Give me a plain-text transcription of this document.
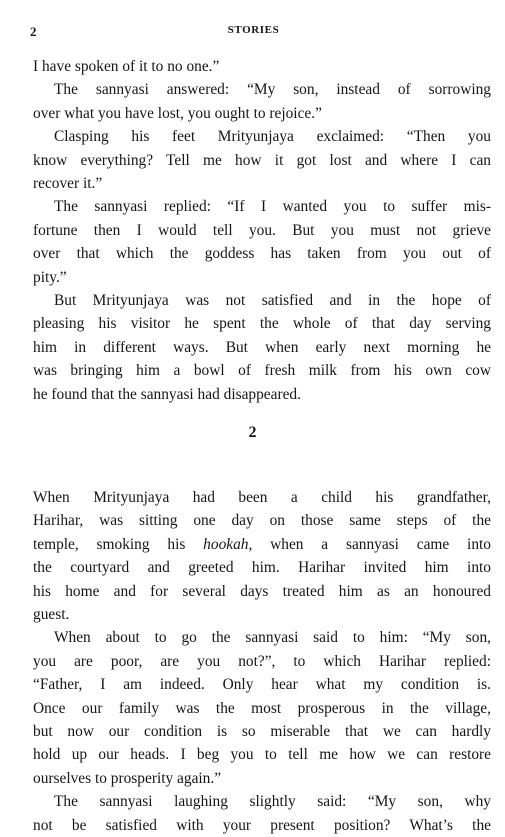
2	STORIES
I have spoken of it to no one.”
The sannyasi answered: “My son, instead of sorrowing
over what you have lost, you ought to rejoice.”
Clasping his feet Mrityunjaya exclaimed: “Then you
know everything? Tell me how it got lost and where I can
recover it.”
The sannyasi replied: “If I wanted you to suffer mis-
fortune then I would tell you. But you must not grieve
over that which the goddess has taken from you out of
pity.”
But Mrityunjaya was not satisfied and in the hope of
pleasing his visitor he spent the whole of that day serving
him in different ways. But when early next morning he
was bringing him a bowl of fresh milk from his own cow
he found that the sannyasi had disappeared.
2
When Mrityunjaya had been a child his grandfather,
Harihar, was sitting one day on those same steps of the
temple, smoking his hookah, when a sannyasi came into
the courtyard and greeted him. Harihar invited him into
his home and for several days treated him as an honoured
guest.
When about to go the sannyasi said to him: “My son,
you are poor, are you not?”, to which Harihar replied:
“Father, I am indeed. Only hear what my condition is.
Once our family was the most prosperous in the village,
but now our condition is so miserable that we can hardly
hold up our heads. I beg you to tell me how we can restore
ourselves to prosperity again.”
The sannyasi laughing slightly said: “My son, why
not be satisfied with your present position? What’s the
